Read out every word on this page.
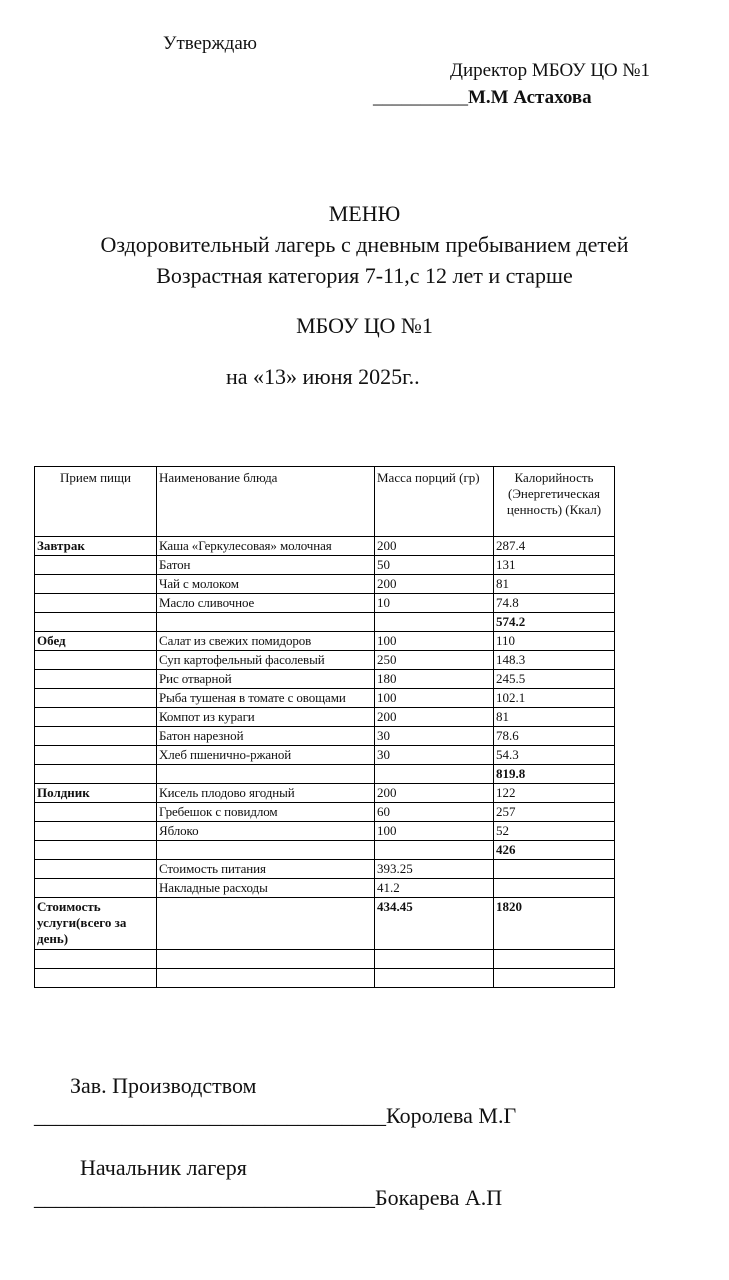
Утверждаю
Директор МБОУ ЦО №1
__________М.М Астахова
МЕНЮ
Оздоровительный лагерь с дневным пребыванием детей
Возрастная категория 7-11,с 12 лет и старше
МБОУ ЦО №1
на «13» июня 2025г..
Прием пищи	Наименование блюда	Масса порций (гр)	Калорийность (Энергетическая ценность) (Ккал)
Завтрак	Каша «Геркулесовая» молочная	200	287.4
	Батон	50	131
	Чай с молоком	200	81
	Масло сливочное	10	74.8
			574.2
Обед	Салат из свежих помидоров	100	110
	Суп картофельный фасолевый	250	148.3
	Рис отварной	180	245.5
	Рыба тушеная в томате с овощами	100	102.1
	Компот из кураги	200	81
	Батон нарезной	30	78.6
	Хлеб пшенично-ржаной	30	54.3
			819.8
Полдник	Кисель плодово ягодный	200	122
	Гребешок с повидлом	60	257
	Яблоко	100	52
			426
	Стоимость питания	393.25	
	Накладные расходы	41.2	
Стоимость услуги(всего за день)		434.45	1820

Зав. Производством
________________________________Королева М.Г
Начальник лагеря
_______________________________Бокарева А.П
